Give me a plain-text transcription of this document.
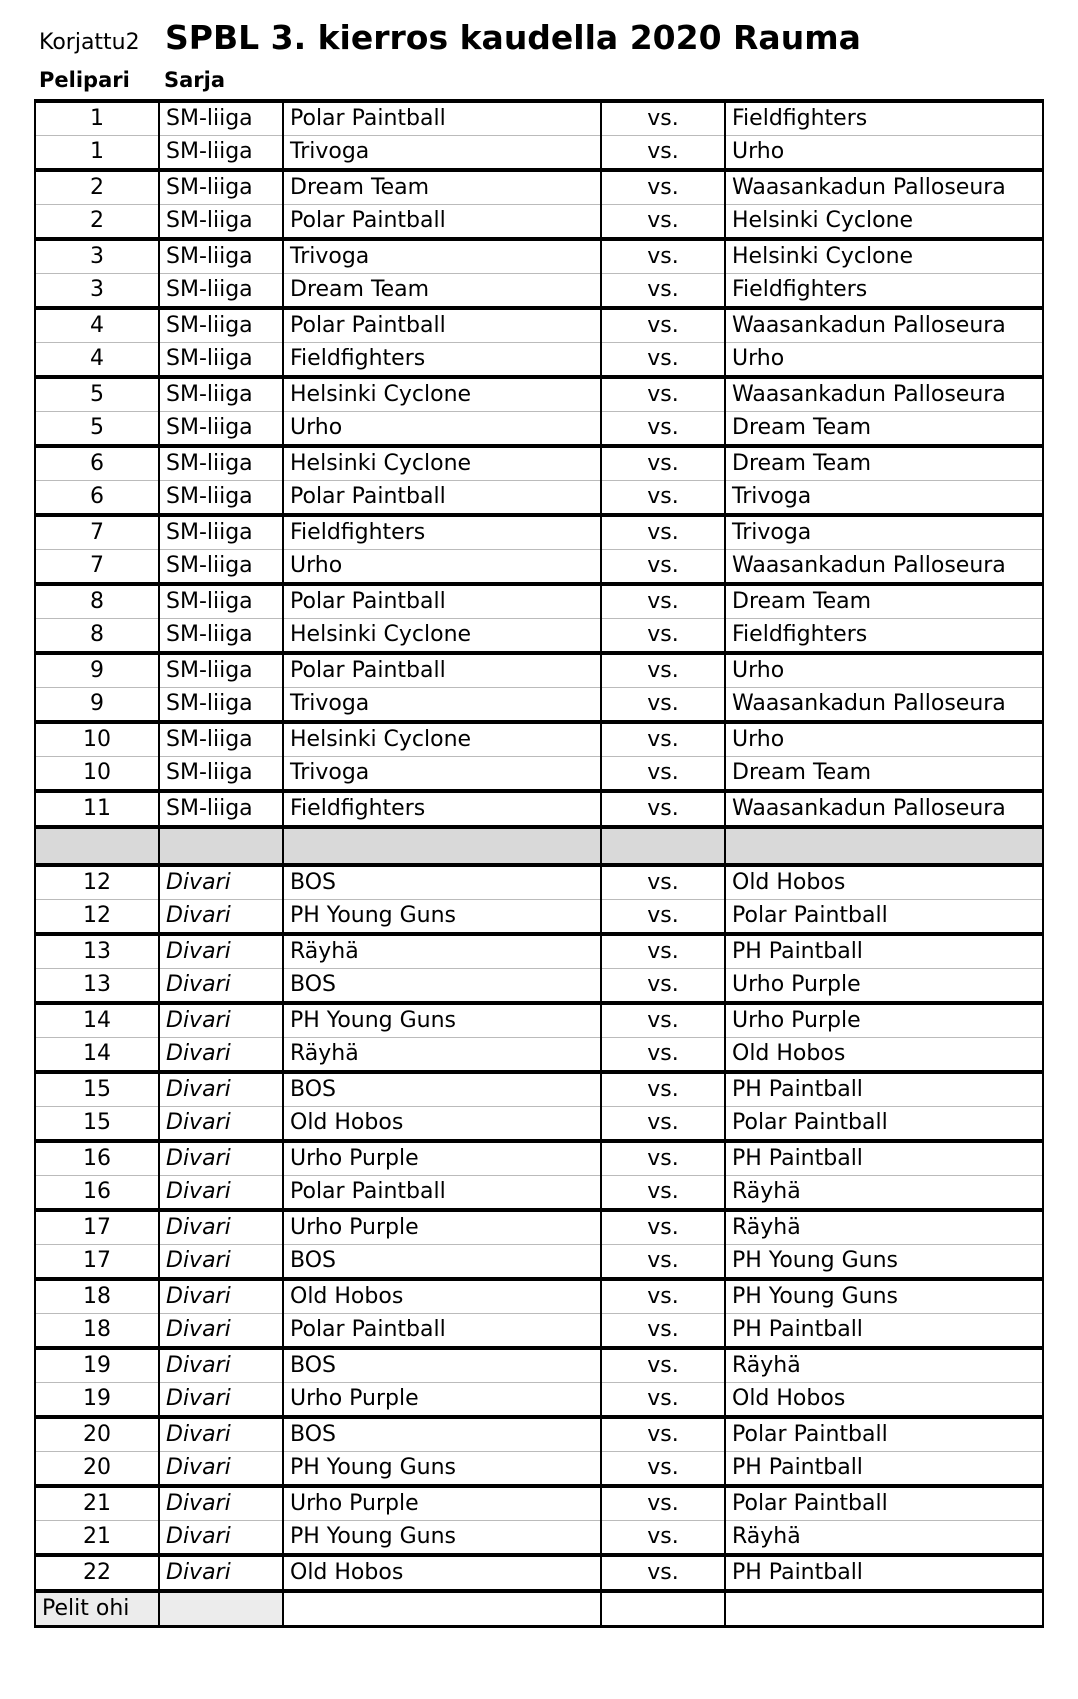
Korjattu2 SPBL 3. kierros kaudella 2020 Rauma
Pelipari Sarja
1	SM-liiga	Polar Paintball	vs.	Fieldfighters
1	SM-liiga	Trivoga	vs.	Urho
2	SM-liiga	Dream Team	vs.	Waasankadun Palloseura
2	SM-liiga	Polar Paintball	vs.	Helsinki Cyclone
3	SM-liiga	Trivoga	vs.	Helsinki Cyclone
3	SM-liiga	Dream Team	vs.	Fieldfighters
4	SM-liiga	Polar Paintball	vs.	Waasankadun Palloseura
4	SM-liiga	Fieldfighters	vs.	Urho
5	SM-liiga	Helsinki Cyclone	vs.	Waasankadun Palloseura
5	SM-liiga	Urho	vs.	Dream Team
6	SM-liiga	Helsinki Cyclone	vs.	Dream Team
6	SM-liiga	Polar Paintball	vs.	Trivoga
7	SM-liiga	Fieldfighters	vs.	Trivoga
7	SM-liiga	Urho	vs.	Waasankadun Palloseura
8	SM-liiga	Polar Paintball	vs.	Dream Team
8	SM-liiga	Helsinki Cyclone	vs.	Fieldfighters
9	SM-liiga	Polar Paintball	vs.	Urho
9	SM-liiga	Trivoga	vs.	Waasankadun Palloseura
10	SM-liiga	Helsinki Cyclone	vs.	Urho
10	SM-liiga	Trivoga	vs.	Dream Team
11	SM-liiga	Fieldfighters	vs.	Waasankadun Palloseura

12	Divari	BOS	vs.	Old Hobos
12	Divari	PH Young Guns	vs.	Polar Paintball
13	Divari	Räyhä	vs.	PH Paintball
13	Divari	BOS	vs.	Urho Purple
14	Divari	PH Young Guns	vs.	Urho Purple
14	Divari	Räyhä	vs.	Old Hobos
15	Divari	BOS	vs.	PH Paintball
15	Divari	Old Hobos	vs.	Polar Paintball
16	Divari	Urho Purple	vs.	PH Paintball
16	Divari	Polar Paintball	vs.	Räyhä
17	Divari	Urho Purple	vs.	Räyhä
17	Divari	BOS	vs.	PH Young Guns
18	Divari	Old Hobos	vs.	PH Young Guns
18	Divari	Polar Paintball	vs.	PH Paintball
19	Divari	BOS	vs.	Räyhä
19	Divari	Urho Purple	vs.	Old Hobos
20	Divari	BOS	vs.	Polar Paintball
20	Divari	PH Young Guns	vs.	PH Paintball
21	Divari	Urho Purple	vs.	Polar Paintball
21	Divari	PH Young Guns	vs.	Räyhä
22	Divari	Old Hobos	vs.	PH Paintball
Pelit ohi				
